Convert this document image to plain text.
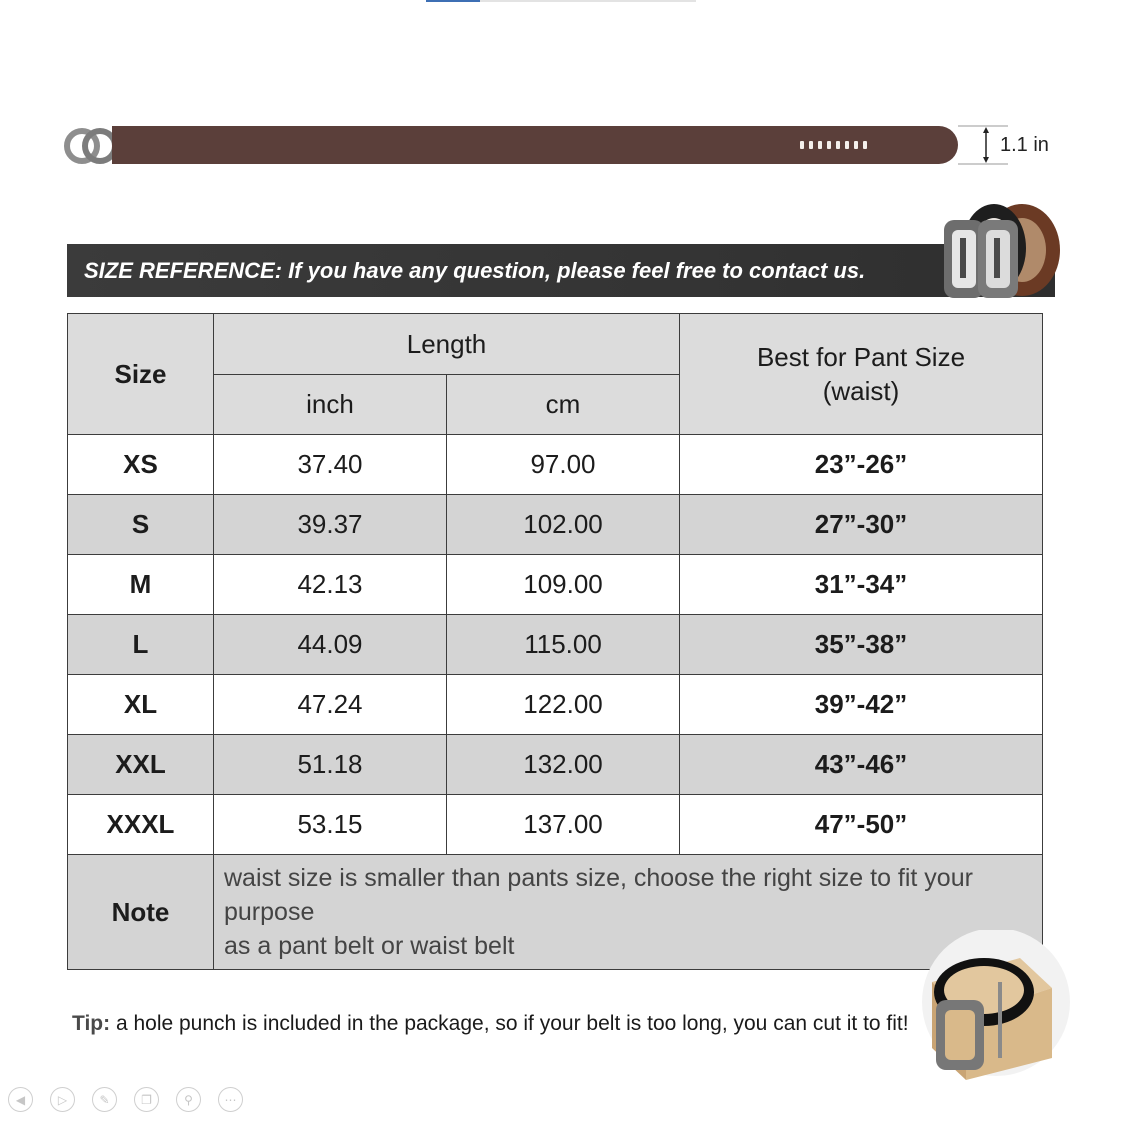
1.1 in
SIZE REFERENCE: If you have any question, please feel free to contact us.
Size	Length		Best for Pant Size
(waist)

	inch	cm	
XS	37.40	97.00	23”-26”
S	39.37	102.00	27”-30”
M	42.13	109.00	31”-34”
L	44.09	115.00	35”-38”
XL	47.24	122.00	39”-42”
XXL	51.18	132.00	43”-46”
XXXL	53.15	137.00	47”-50”
Note	waist size is smaller than pants size, choose the right size to fit your purpose
as a pant belt or waist belt		
Tip: a hole punch is included in the package, so if your belt is too long, you can cut it to fit!
◀	▷	✎	❐	⚲	⋯
